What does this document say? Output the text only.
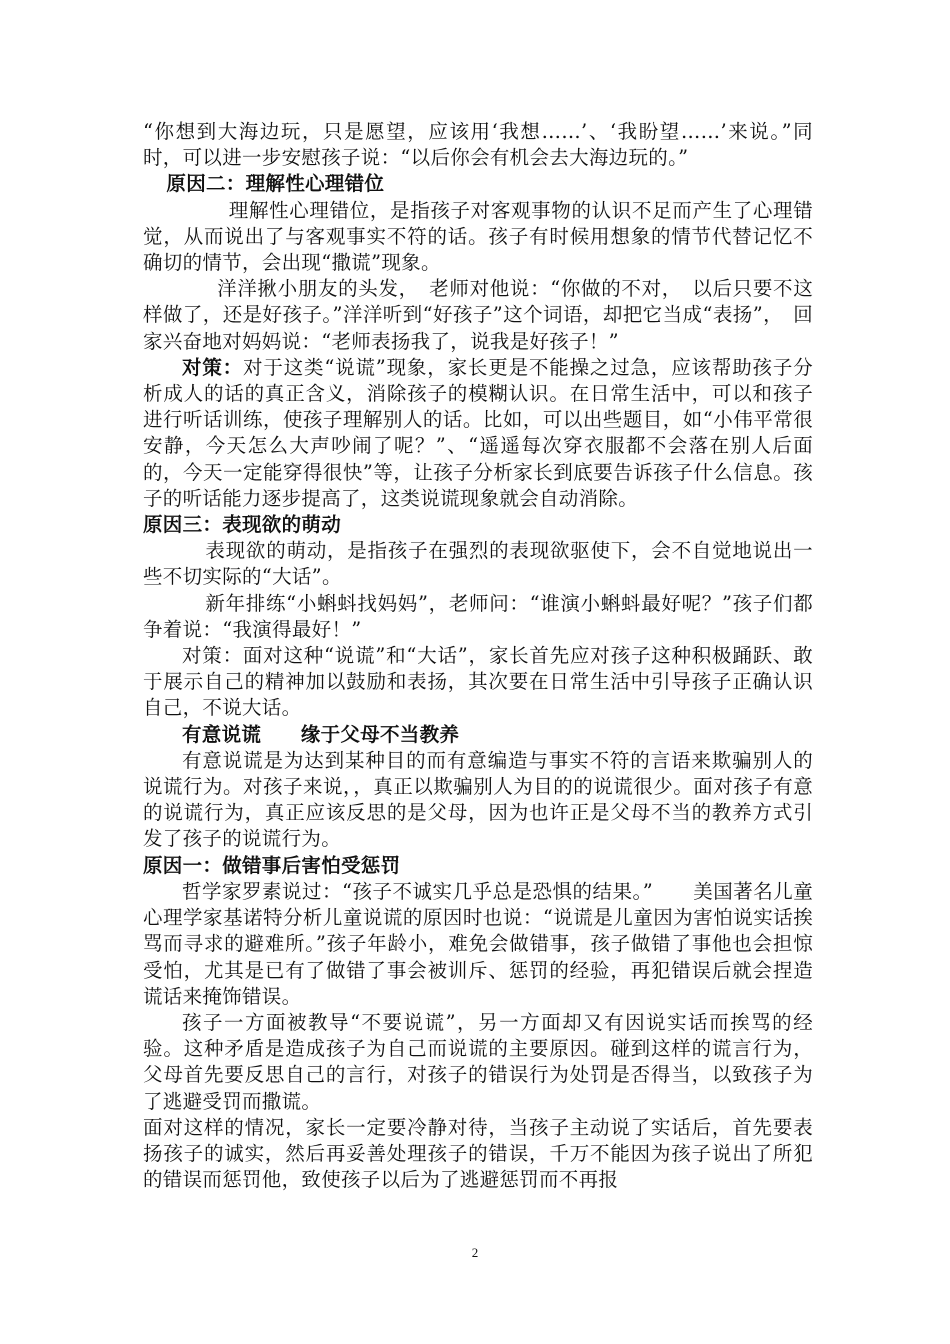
“你想到大海边玩，只是愿望，应该用‘我想……’、‘我盼望……’来说。”同时，可以进一步安慰孩子说：“以后你会有机会去大海边玩的。”

原因二：理解性心理错位

理解性心理错位，是指孩子对客观事物的认识不足而产生了心理错觉，从而说出了与客观事实不符的话。孩子有时候用想象的情节代替记忆不确切的情节，会出现“撒谎”现象。

洋洋揪小朋友的头发，　老师对他说：“你做的不对，　以后只要不这样做了，还是好孩子。”洋洋听到“好孩子”这个词语，却把它当成“表扬”，　回家兴奋地对妈妈说：“老师表扬我了，说我是好孩子！”

对策：对于这类“说谎”现象，家长更是不能操之过急，应该帮助孩子分析成人的话的真正含义，消除孩子的模糊认识。在日常生活中，可以和孩子进行听话训练，使孩子理解别人的话。比如，可以出些题目，如“小伟平常很安静，今天怎么大声吵闹了呢？”、“遥遥每次穿衣服都不会落在别人后面的，今天一定能穿得很快”等，让孩子分析家长到底要告诉孩子什么信息。孩子的听话能力逐步提高了，这类说谎现象就会自动消除。

原因三：表现欲的萌动

表现欲的萌动，是指孩子在强烈的表现欲驱使下，会不自觉地说出一些不切实际的“大话”。

新年排练“小蝌蚪找妈妈”，老师问：“谁演小蝌蚪最好呢？”孩子们都争着说：“我演得最好！”

对策：面对这种“说谎”和“大话”，家长首先应对孩子这种积极踊跃、敢于展示自己的精神加以鼓励和表扬，其次要在日常生活中引导孩子正确认识自己，不说大话。

有意说谎　　缘于父母不当教养

有意说谎是为达到某种目的而有意编造与事实不符的言语来欺骗别人的说谎行为。对孩子来说，，真正以欺骗别人为目的的说谎很少。面对孩子有意的说谎行为，真正应该反思的是父母，因为也许正是父母不当的教养方式引发了孩子的说谎行为。

原因一：做错事后害怕受惩罚

哲学家罗素说过：“孩子不诚实几乎总是恐惧的结果。”　　美国著名儿童心理学家基诺特分析儿童说谎的原因时也说：“说谎是儿童因为害怕说实话挨骂而寻求的避难所。”孩子年龄小，难免会做错事，孩子做错了事他也会担惊受怕，尤其是已有了做错了事会被训斥、惩罚的经验，再犯错误后就会捏造谎话来掩饰错误。

孩子一方面被教导“不要说谎”，另一方面却又有因说实话而挨骂的经验。这种矛盾是造成孩子为自己而说谎的主要原因。碰到这样的谎言行为，父母首先要反思自己的言行，对孩子的错误行为处罚是否得当，以致孩子为了逃避受罚而撒谎。

面对这样的情况，家长一定要冷静对待，当孩子主动说了实话后，首先要表扬孩子的诚实，然后再妥善处理孩子的错误，千万不能因为孩子说出了所犯的错误而惩罚他，致使孩子以后为了逃避惩罚而不再报

2
